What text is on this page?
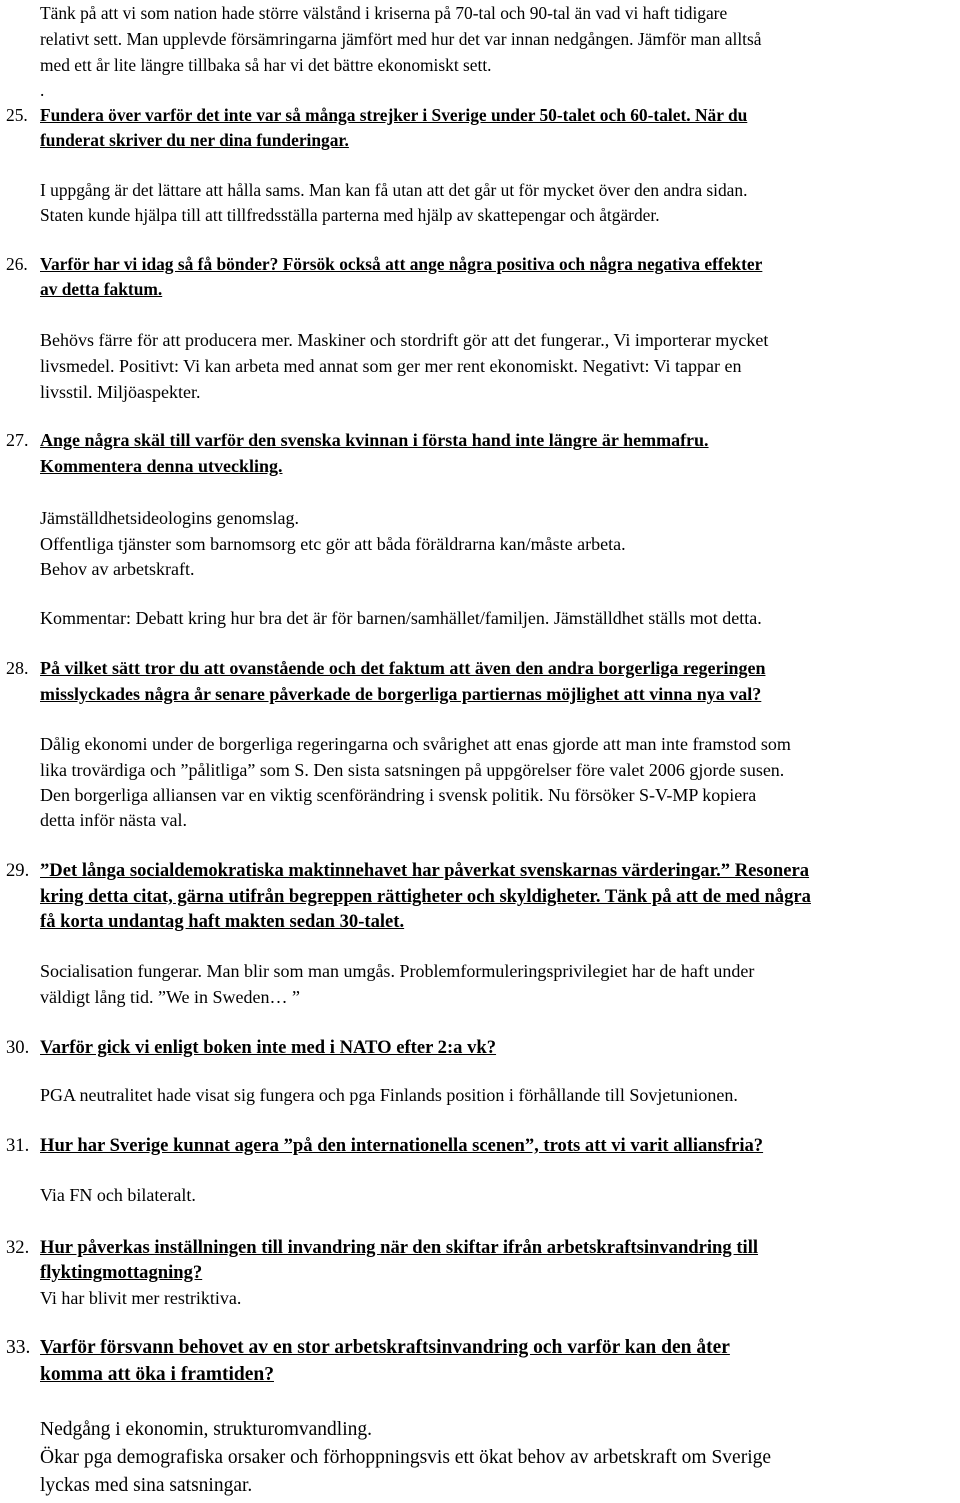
Tänk på att vi som nation hade större välstånd i kriserna på 70-tal och 90-tal än vad vi haft tidigare
relativt sett. Man upplevde försämringarna jämfört med hur det var innan nedgången. Jämför man alltså
med ett år lite längre tillbaka så har vi det bättre ekonomiskt sett.
.
25. Fundera över varför det inte var så många strejker i Sverige under 50-talet och 60-talet. När du
funderat skriver du ner dina funderingar.
I uppgång är det lättare att hålla sams. Man kan få utan att det går ut för mycket över den andra sidan.
Staten kunde hjälpa till att tillfredsställa parterna med hjälp av skattepengar och åtgärder.
26. Varför har vi idag så få bönder? Försök också att ange några positiva och några negativa effekter
av detta faktum.
Behövs färre för att producera mer. Maskiner och stordrift gör att det fungerar., Vi importerar mycket
livsmedel. Positivt: Vi kan arbeta med annat som ger mer rent ekonomiskt. Negativt: Vi tappar en
livsstil. Miljöaspekter.
27. Ange några skäl till varför den svenska kvinnan i första hand inte längre är hemmafru.
Kommentera denna utveckling.
Jämställdhetsideologins genomslag.
Offentliga tjänster som barnomsorg etc gör att båda föräldrarna kan/måste arbeta.
Behov av arbetskraft.
Kommentar: Debatt kring hur bra det är för barnen/samhället/familjen. Jämställdhet ställs mot detta.
28. På vilket sätt tror du att ovanstående och det faktum att även den andra borgerliga regeringen
misslyckades några år senare påverkade de borgerliga partiernas möjlighet att vinna nya val?
Dålig ekonomi under de borgerliga regeringarna och svårighet att enas gjorde att man inte framstod som
lika trovärdiga och ”pålitliga” som S. Den sista satsningen på uppgörelser före valet 2006 gjorde susen.
Den borgerliga alliansen var en viktig scenförändring i svensk politik. Nu försöker S-V-MP kopiera
detta inför nästa val.
29. ”Det långa socialdemokratiska maktinnehavet har påverkat svenskarnas värderingar.” Resonera
kring detta citat, gärna utifrån begreppen rättigheter och skyldigheter. Tänk på att de med några
få korta undantag haft makten sedan 30-talet.
Socialisation fungerar. Man blir som man umgås. Problemformuleringsprivilegiet har de haft under
väldigt lång tid. ”We in Sweden… ”
30. Varför gick vi enligt boken inte med i NATO efter 2:a vk?
PGA neutralitet hade visat sig fungera och pga Finlands position i förhållande till Sovjetunionen.
31. Hur har Sverige kunnat agera ”på den internationella scenen”, trots att vi varit alliansfria?
Via FN och bilateralt.
32. Hur påverkas inställningen till invandring när den skiftar ifrån arbetskraftsinvandring till
flyktingmottagning?
Vi har blivit mer restriktiva.
33. Varför försvann behovet av en stor arbetskraftsinvandring och varför kan den åter
komma att öka i framtiden?
Nedgång i ekonomin, strukturomvandling.
Ökar pga demografiska orsaker och förhoppningsvis ett ökat behov av arbetskraft om Sverige
lyckas med sina satsningar.
